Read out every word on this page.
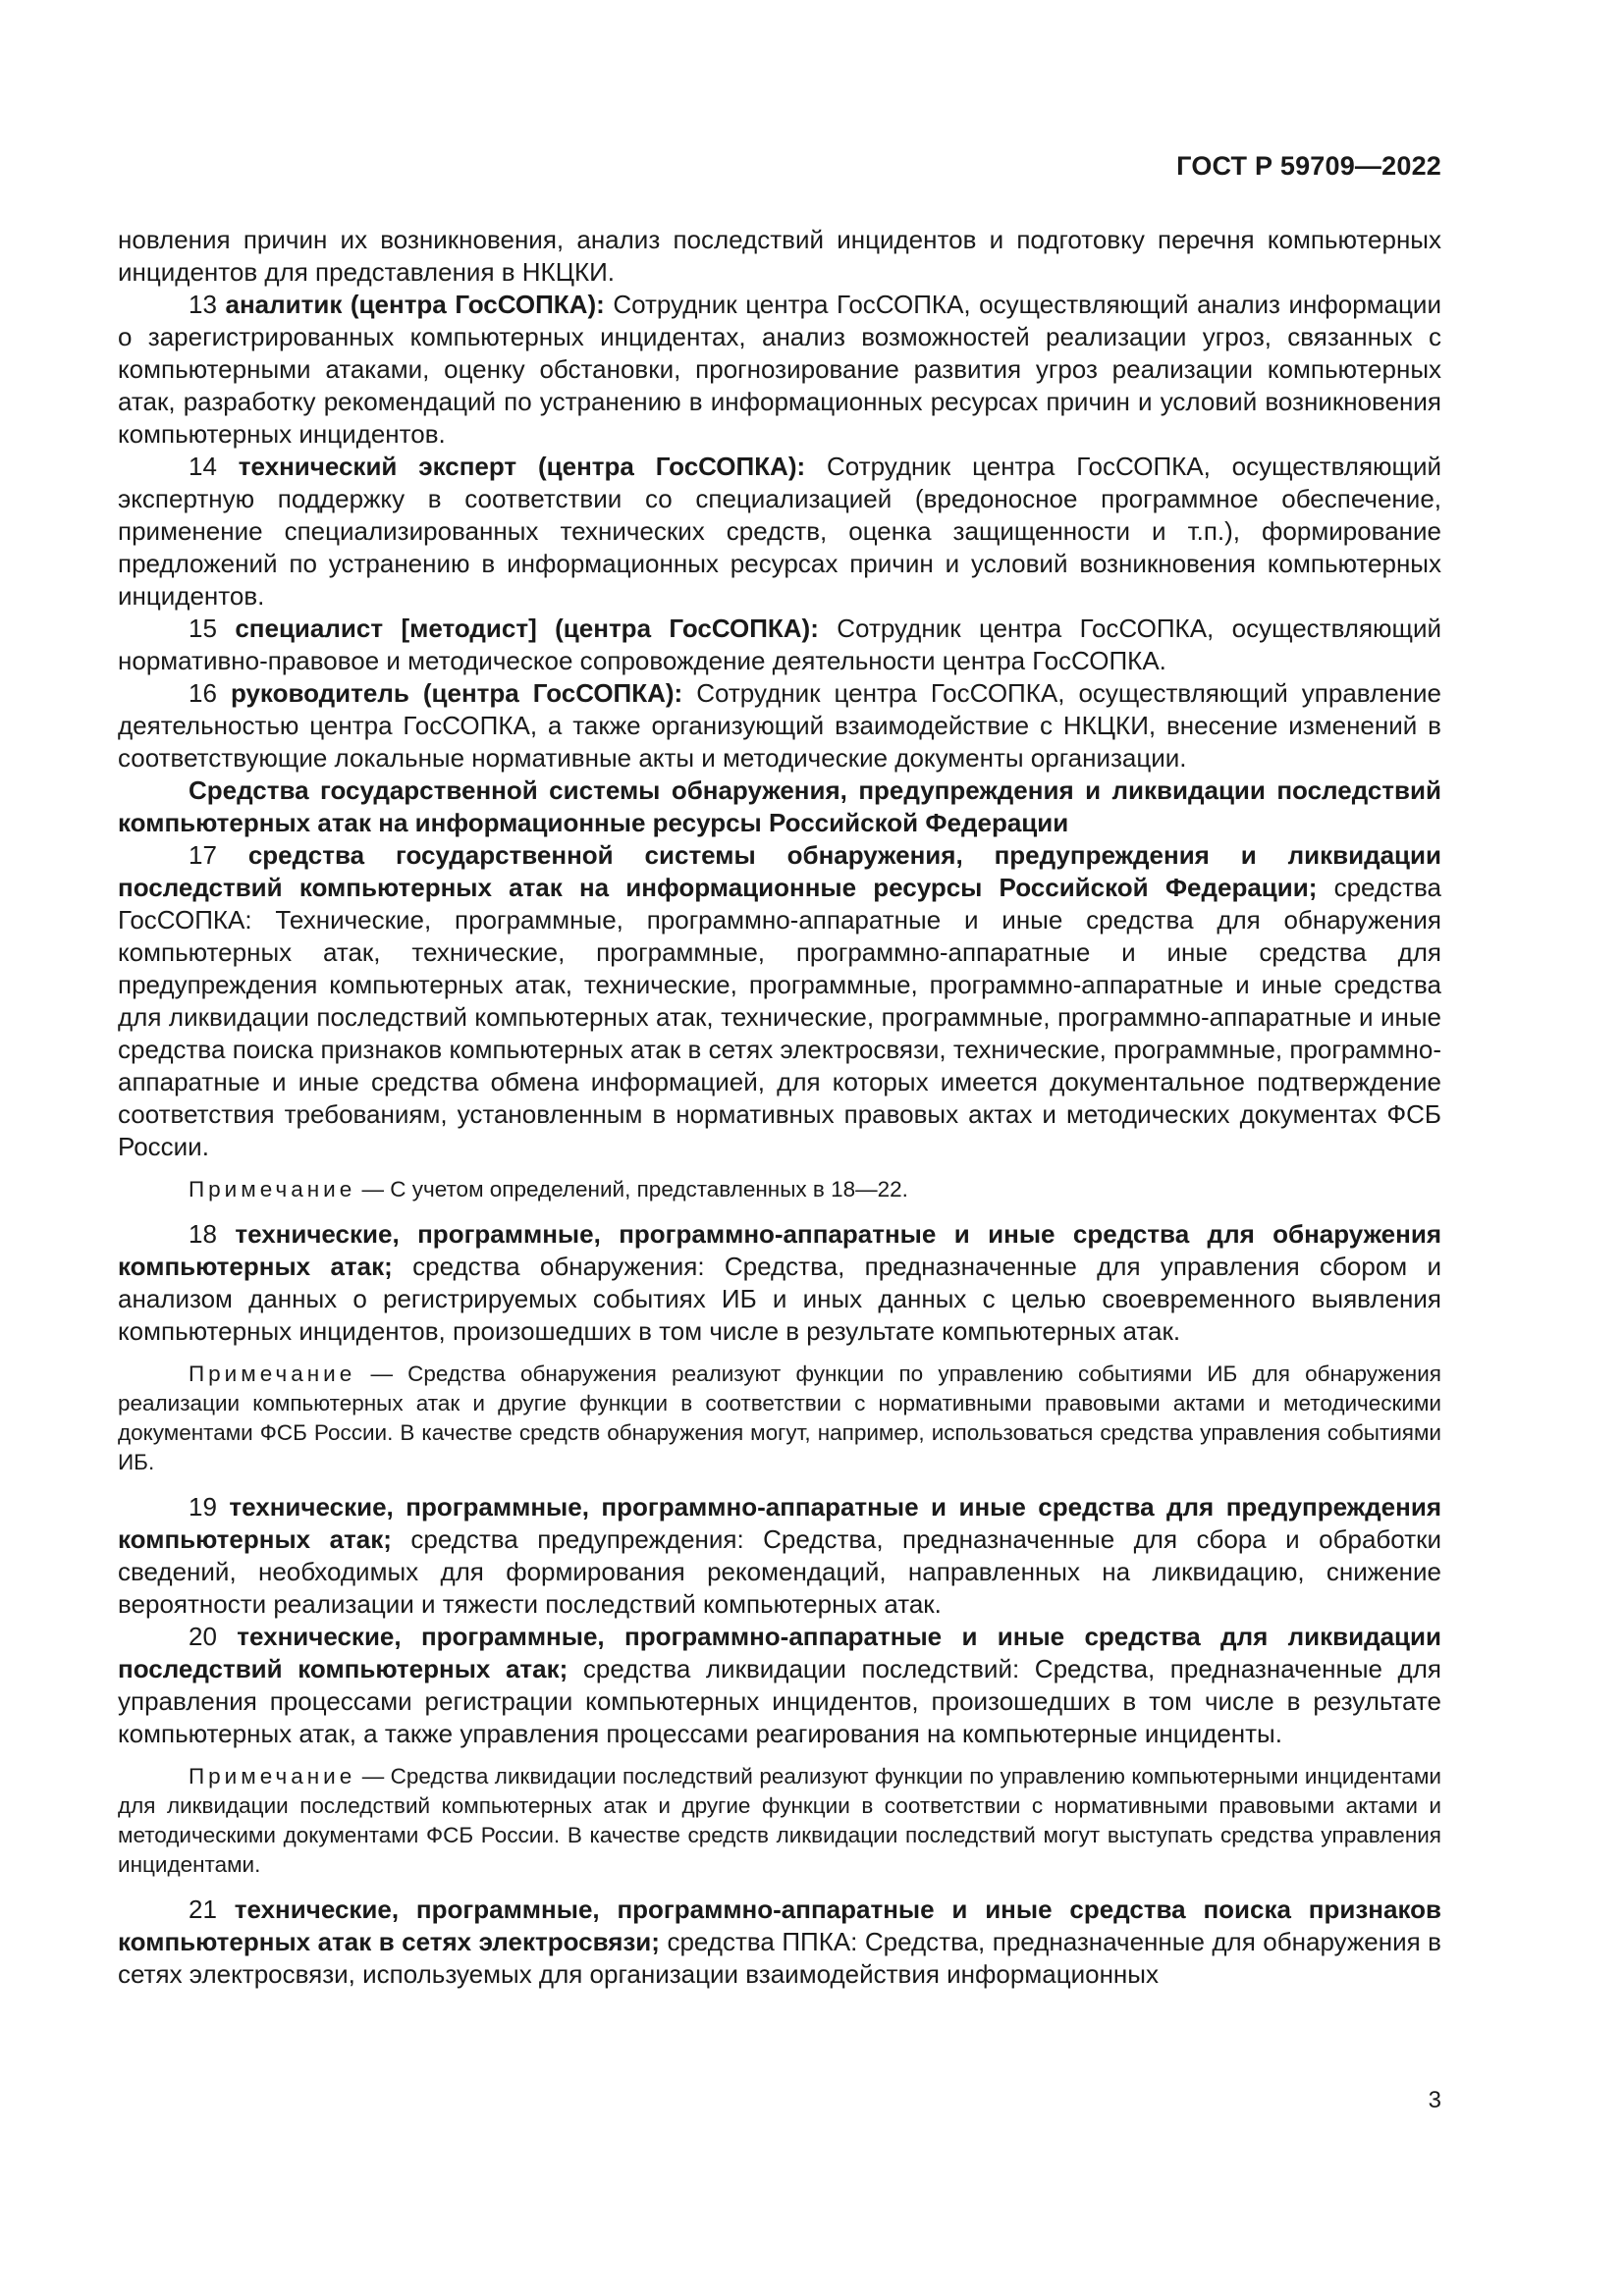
ГОСТ Р 59709—2022

новления причин их возникновения, анализ последствий инцидентов и подготовку перечня компьютерных инцидентов для представления в НКЦКИ.

13 аналитик (центра ГосСОПКА): Сотрудник центра ГосСОПКА, осуществляющий анализ информации о зарегистрированных компьютерных инцидентах, анализ возможностей реализации угроз, связанных с компьютерными атаками, оценку обстановки, прогнозирование развития угроз реализации компьютерных атак, разработку рекомендаций по устранению в информационных ресурсах причин и условий возникновения компьютерных инцидентов.

14 технический эксперт (центра ГосСОПКА): Сотрудник центра ГосСОПКА, осуществляющий экспертную поддержку в соответствии со специализацией (вредоносное программное обеспечение, применение специализированных технических средств, оценка защищенности и т.п.), формирование предложений по устранению в информационных ресурсах причин и условий возникновения компьютерных инцидентов.

15 специалист [методист] (центра ГосСОПКА): Сотрудник центра ГосСОПКА, осуществляющий нормативно-правовое и методическое сопровождение деятельности центра ГосСОПКА.

16 руководитель (центра ГосСОПКА): Сотрудник центра ГосСОПКА, осуществляющий управление деятельностью центра ГосСОПКА, а также организующий взаимодействие с НКЦКИ, внесение изменений в соответствующие локальные нормативные акты и методические документы организации.

Средства государственной системы обнаружения, предупреждения и ликвидации последствий компьютерных атак на информационные ресурсы Российской Федерации

17 средства государственной системы обнаружения, предупреждения и ликвидации последствий компьютерных атак на информационные ресурсы Российской Федерации; средства ГосСОПКА: Технические, программные, программно-аппаратные и иные средства для обнаружения компьютерных атак, технические, программные, программно-аппаратные и иные средства для предупреждения компьютерных атак, технические, программные, программно-аппаратные и иные средства для ликвидации последствий компьютерных атак, технические, программные, программно-аппаратные и иные средства поиска признаков компьютерных атак в сетях электросвязи, технические, программные, программно-аппаратные и иные средства обмена информацией, для которых имеется документальное подтверждение соответствия требованиям, установленным в нормативных правовых актах и методических документах ФСБ России.

Примечание — С учетом определений, представленных в 18—22.

18 технические, программные, программно-аппаратные и иные средства для обнаружения компьютерных атак; средства обнаружения: Средства, предназначенные для управления сбором и анализом данных о регистрируемых событиях ИБ и иных данных с целью своевременного выявления компьютерных инцидентов, произошедших в том числе в результате компьютерных атак.

Примечание — Средства обнаружения реализуют функции по управлению событиями ИБ для обнаружения реализации компьютерных атак и другие функции в соответствии с нормативными правовыми актами и методическими документами ФСБ России. В качестве средств обнаружения могут, например, использоваться средства управления событиями ИБ.

19 технические, программные, программно-аппаратные и иные средства для предупреждения компьютерных атак; средства предупреждения: Средства, предназначенные для сбора и обработки сведений, необходимых для формирования рекомендаций, направленных на ликвидацию, снижение вероятности реализации и тяжести последствий компьютерных атак.

20 технические, программные, программно-аппаратные и иные средства для ликвидации последствий компьютерных атак; средства ликвидации последствий: Средства, предназначенные для управления процессами регистрации компьютерных инцидентов, произошедших в том числе в результате компьютерных атак, а также управления процессами реагирования на компьютерные инциденты.

Примечание — Средства ликвидации последствий реализуют функции по управлению компьютерными инцидентами для ликвидации последствий компьютерных атак и другие функции в соответствии с нормативными правовыми актами и методическими документами ФСБ России. В качестве средств ликвидации последствий могут выступать средства управления инцидентами.

21 технические, программные, программно-аппаратные и иные средства поиска признаков компьютерных атак в сетях электросвязи; средства ППКА: Средства, предназначенные для обнаружения в сетях электросвязи, используемых для организации взаимодействия информационных

3
